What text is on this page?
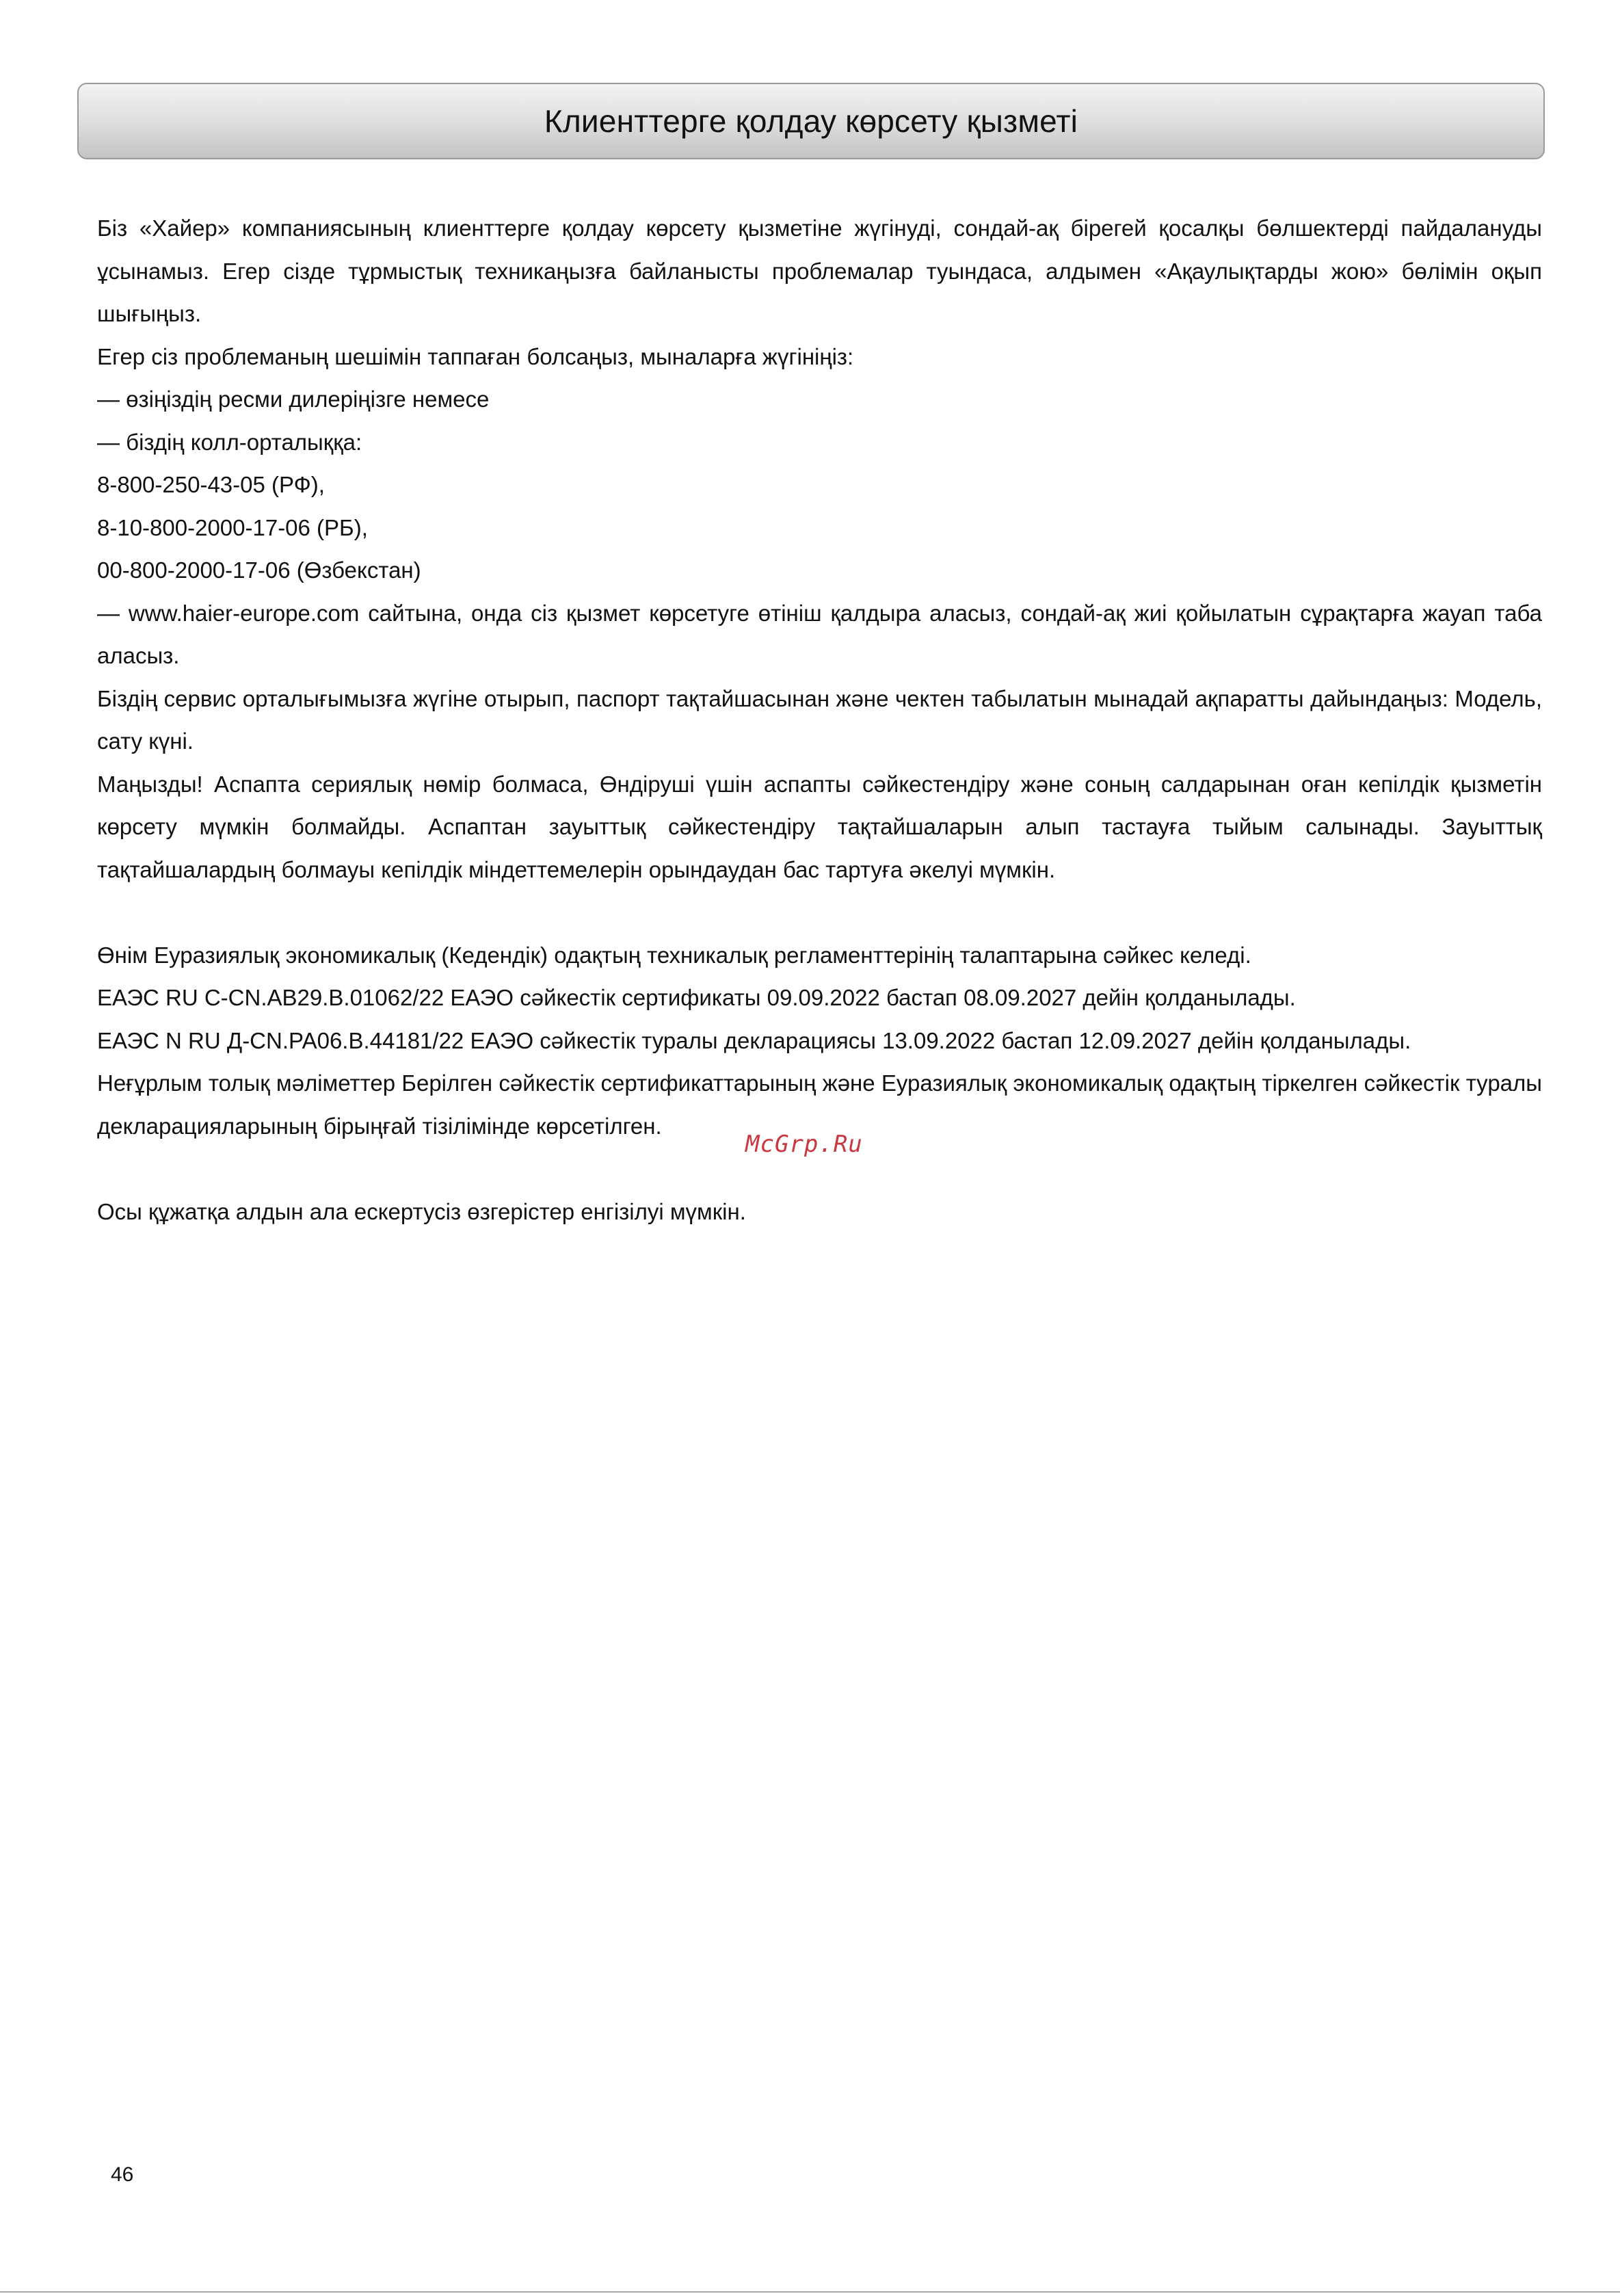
Клиенттерге қолдау көрсету қызметі

Біз «Хайер» компаниясының клиенттерге қолдау көрсету қызметіне жүгінуді, сондай-ақ бірегей қосалқы бөлшектерді пайдалануды ұсынамыз. Егер сізде тұрмыстық техникаңызға байланысты проблемалар туындаса, алдымен «Ақаулықтарды жою» бөлімін оқып шығыңыз.

Егер сіз проблеманың шешімін таппаған болсаңыз, мыналарға жүгініңіз:

— өзіңіздің ресми дилеріңізге немесе

— біздің колл-орталыққа:

8-800-250-43-05 (РФ),

8-10-800-2000-17-06 (РБ),

00-800-2000-17-06 (Өзбекстан)

— www.haier-europe.com сайтына, онда сіз қызмет көрсетуге өтініш қалдыра аласыз, сондай-ақ жиі қойылатын сұрақтарға жауап таба аласыз.

Біздің сервис орталығымызға жүгіне отырып, паспорт тақтайшасынан және чектен табылатын мынадай ақпаратты дайындаңыз: Модель, сату күні.

Маңызды! Аспапта сериялық нөмір болмаса, Өндіруші үшін аспапты сәйкестендіру және соның салдарынан оған кепілдік қызметін көрсету мүмкін болмайды. Аспаптан зауыттық сәйкестендіру тақтайшаларын алып тастауға тыйым салынады. Зауыттық тақтайшалардың болмауы кепілдік міндеттемелерін орындаудан бас тартуға әкелуі мүмкін.

Өнім Еуразиялық экономикалық (Кедендік) одақтың техникалық регламенттерінің талаптарына сәйкес келеді.

ЕАЭС RU C-CN.АВ29.В.01062/22 ЕАЭО сәйкестік сертификаты 09.09.2022 бастап 08.09.2027 дейін қолданылады.

ЕАЭС N RU Д-CN.PA06.B.44181/22 ЕАЭО сәйкестік туралы декларациясы 13.09.2022 бастап 12.09.2027 дейін қолданылады.

Неғұрлым толық мәліметтер Берілген сәйкестік сертификаттарының және Еуразиялық экономикалық одақтың тіркелген сәйкестік туралы декларацияларының бірыңғай тізілімінде көрсетілген.

Осы құжатқа алдын ала ескертусіз өзгерістер енгізілуі мүмкін.

McGrp.Ru
46
